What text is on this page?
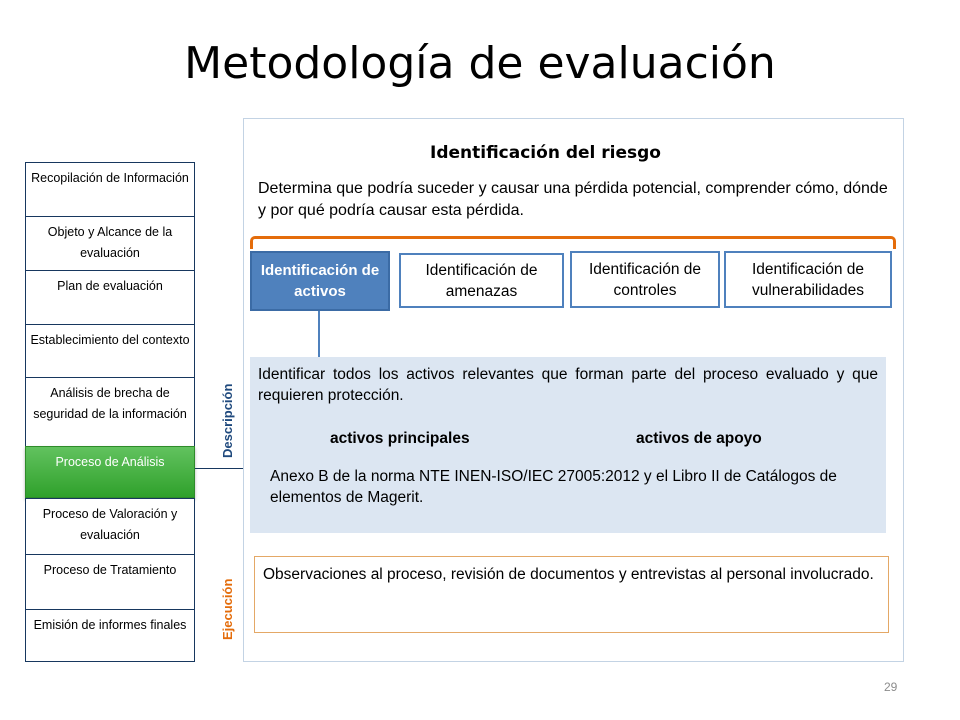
Metodología de evaluación
Recopilación de Información
Objeto y Alcance de la evaluación
Plan de evaluación
Establecimiento del contexto
Análisis de brecha de seguridad de la información
Proceso de Análisis
Proceso de Valoración y evaluación
Proceso de Tratamiento
Emisión de informes finales
Descripción
Ejecución
Identificación del riesgo
Determina que podría suceder y causar una pérdida potencial, comprender cómo, dónde y por qué podría causar esta pérdida.
Identificación de activos
Identificación de amenazas
Identificación de controles
Identificación de vulnerabilidades
Identificar todos los activos relevantes que forman parte del proceso evaluado y que requieren protección.
activos principales	activos de apoyo
Anexo B de la norma NTE INEN-ISO/IEC 27005:2012 y el Libro II de Catálogos de elementos de Magerit.
Observaciones al proceso, revisión de documentos y entrevistas al personal involucrado.
29
